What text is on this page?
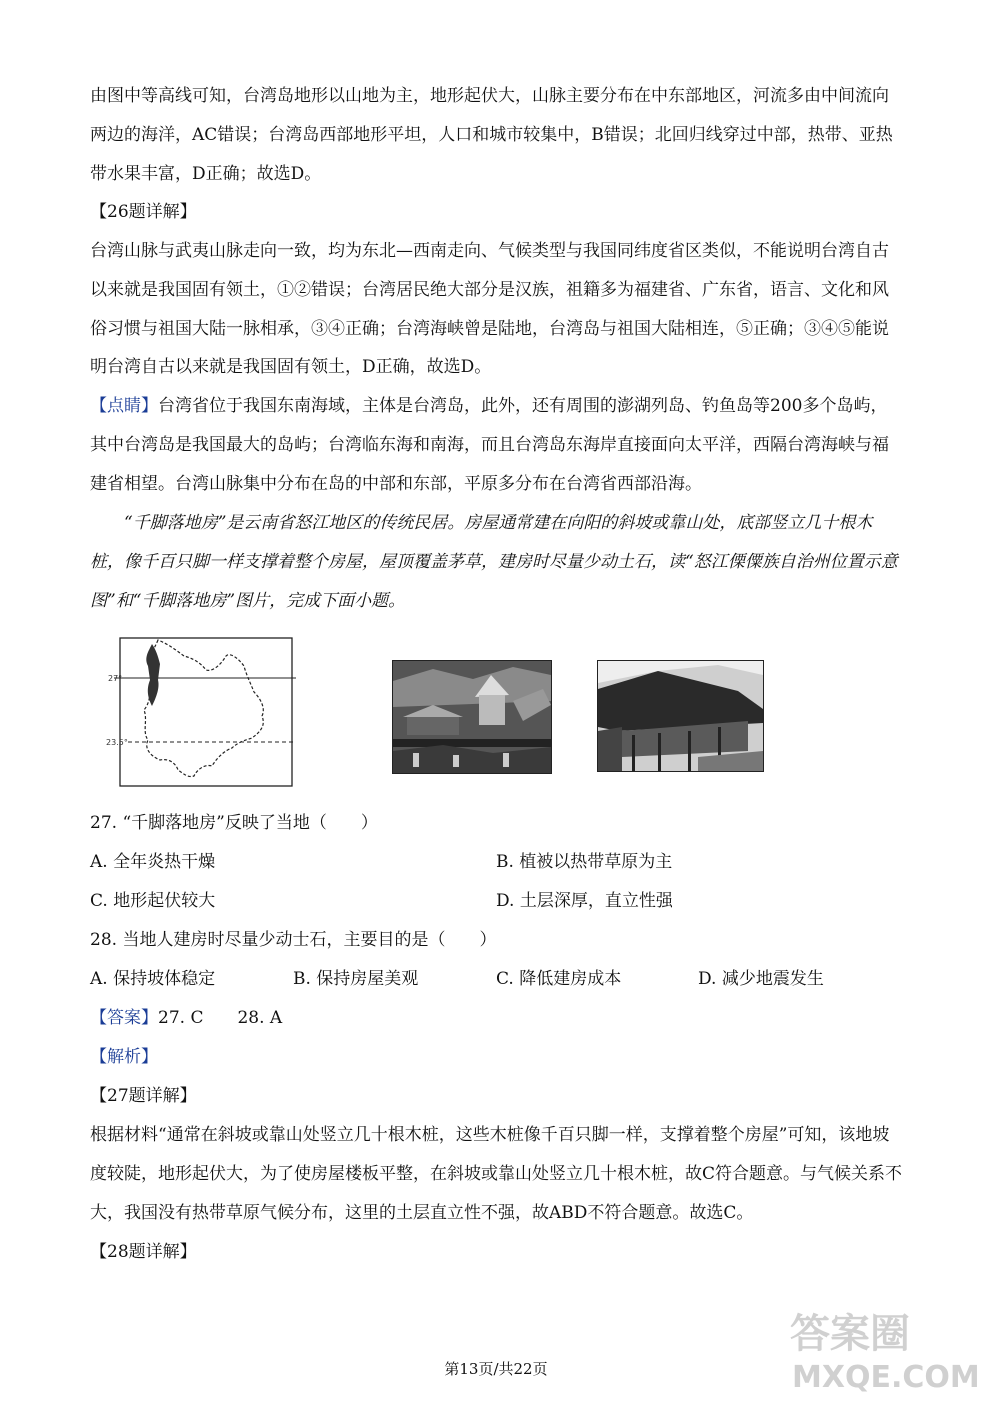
由图中等高线可知，台湾岛地形以山地为主，地形起伏大，山脉主要分布在中东部地区，河流多由中间流向两边的海洋，AC错误；台湾岛西部地形平坦，人口和城市较集中，B错误；北回归线穿过中部，热带、亚热带水果丰富，D正确；故选D。

【26题详解】

台湾山脉与武夷山脉走向一致，均为东北—西南走向、气候类型与我国同纬度省区类似，不能说明台湾自古以来就是我国固有领土，①②错误；台湾居民绝大部分是汉族，祖籍多为福建省、广东省，语言、文化和风俗习惯与祖国大陆一脉相承，③④正确；台湾海峡曾是陆地，台湾岛与祖国大陆相连，⑤正确；③④⑤能说明台湾自古以来就是我国固有领土，D正确，故选D。

【点睛】台湾省位于我国东南海域，主体是台湾岛，此外，还有周围的澎湖列岛、钓鱼岛等200多个岛屿，其中台湾岛是我国最大的岛屿；台湾临东海和南海，而且台湾岛东海岸直接面向太平洋，西隔台湾海峡与福建省相望。台湾山脉集中分布在岛的中部和东部，平原多分布在台湾省西部沿海。

“千脚落地房”是云南省怒江地区的传统民居。房屋通常建在向阳的斜坡或靠山处，底部竖立几十根木桩，像千百只脚一样支撑着整个房屋，屋顶覆盖茅草，建房时尽量少动土石，读“怒江傈僳族自治州位置示意图”和“千脚落地房”图片，完成下面小题。

27°
23.5°
27. “千脚落地房”反映了当地（　　）
A. 全年炎热干燥	B. 植被以热带草原为主
C. 地形起伏较大	D. 土层深厚，直立性强
28. 当地人建房时尽量少动士石，主要目的是（　　）
A. 保持坡体稳定	B. 保持房屋美观	C. 降低建房成本	D. 减少地震发生
【答案】27. C　　28. A
【解析】
【27题详解】

根据材料“通常在斜坡或靠山处竖立几十根木桩，这些木桩像千百只脚一样，支撑着整个房屋”可知，该地坡度较陡，地形起伏大，为了使房屋楼板平整，在斜坡或靠山处竖立几十根木桩，故C符合题意。与气候关系不大，我国没有热带草原气候分布，这里的土层直立性不强，故ABD不符合题意。故选C。

【28题详解】
第13页/共22页
答案圈
MXQE.COM
